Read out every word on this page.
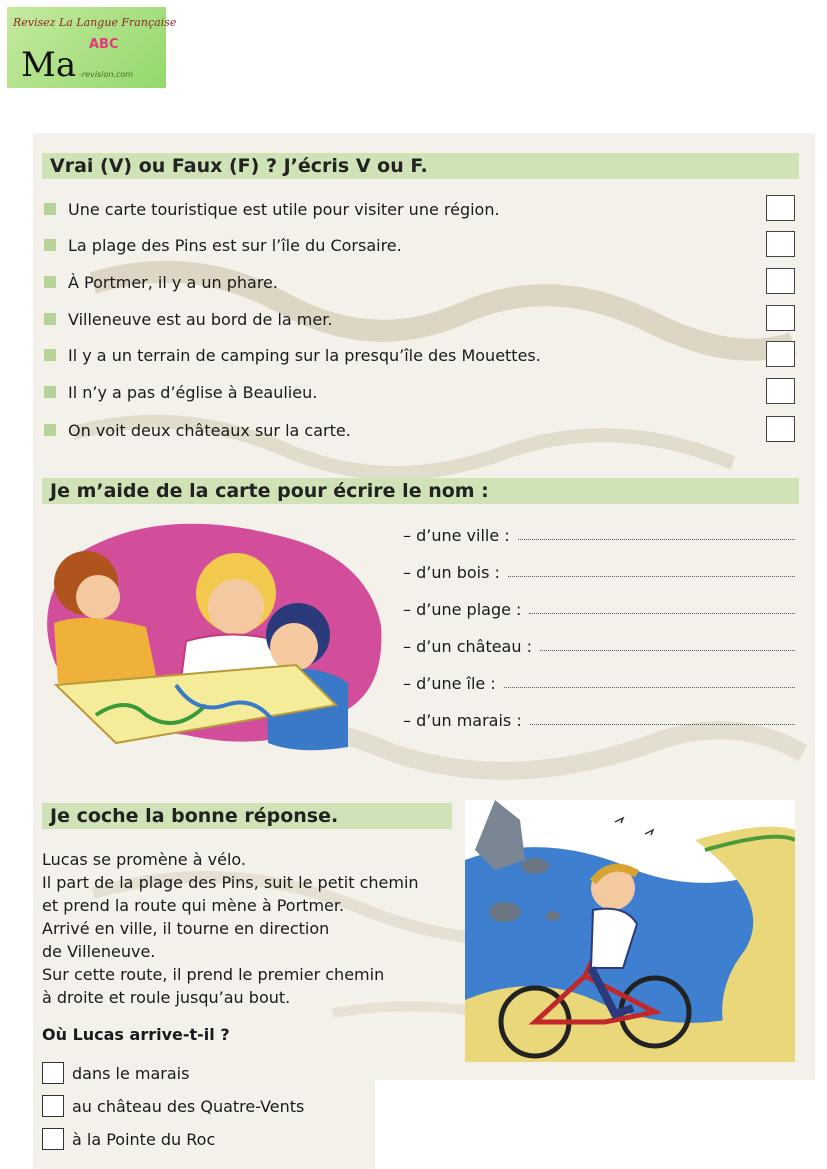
Revisez La Langue Française
Ma
ABC
-revision.com
Vrai (V) ou Faux (F) ? J’écris V ou F.
Une carte touristique est utile pour visiter une région.
La plage des Pins est sur l’île du Corsaire.
À Portmer, il y a un phare.
Villeneuve est au bord de la mer.
Il y a un terrain de camping sur la presqu’île des Mouettes.
Il n’y a pas d’église à Beaulieu.
On voit deux châteaux sur la carte.
Je m’aide de la carte pour écrire le nom :
– d’une ville :
– d’un bois :
– d’une plage :
– d’un château :
– d’une île :
– d’un marais :
Je coche la bonne réponse.
Lucas se promène à vélo.
Il part de la plage des Pins, suit le petit chemin
et prend la route qui mène à Portmer.
Arrivé en ville, il tourne en direction
de Villeneuve.
Sur cette route, il prend le premier chemin
à droite et roule jusqu’au bout.
Où Lucas arrive-t-il ?
dans le marais
au château des Quatre-Vents
à la Pointe du Roc
